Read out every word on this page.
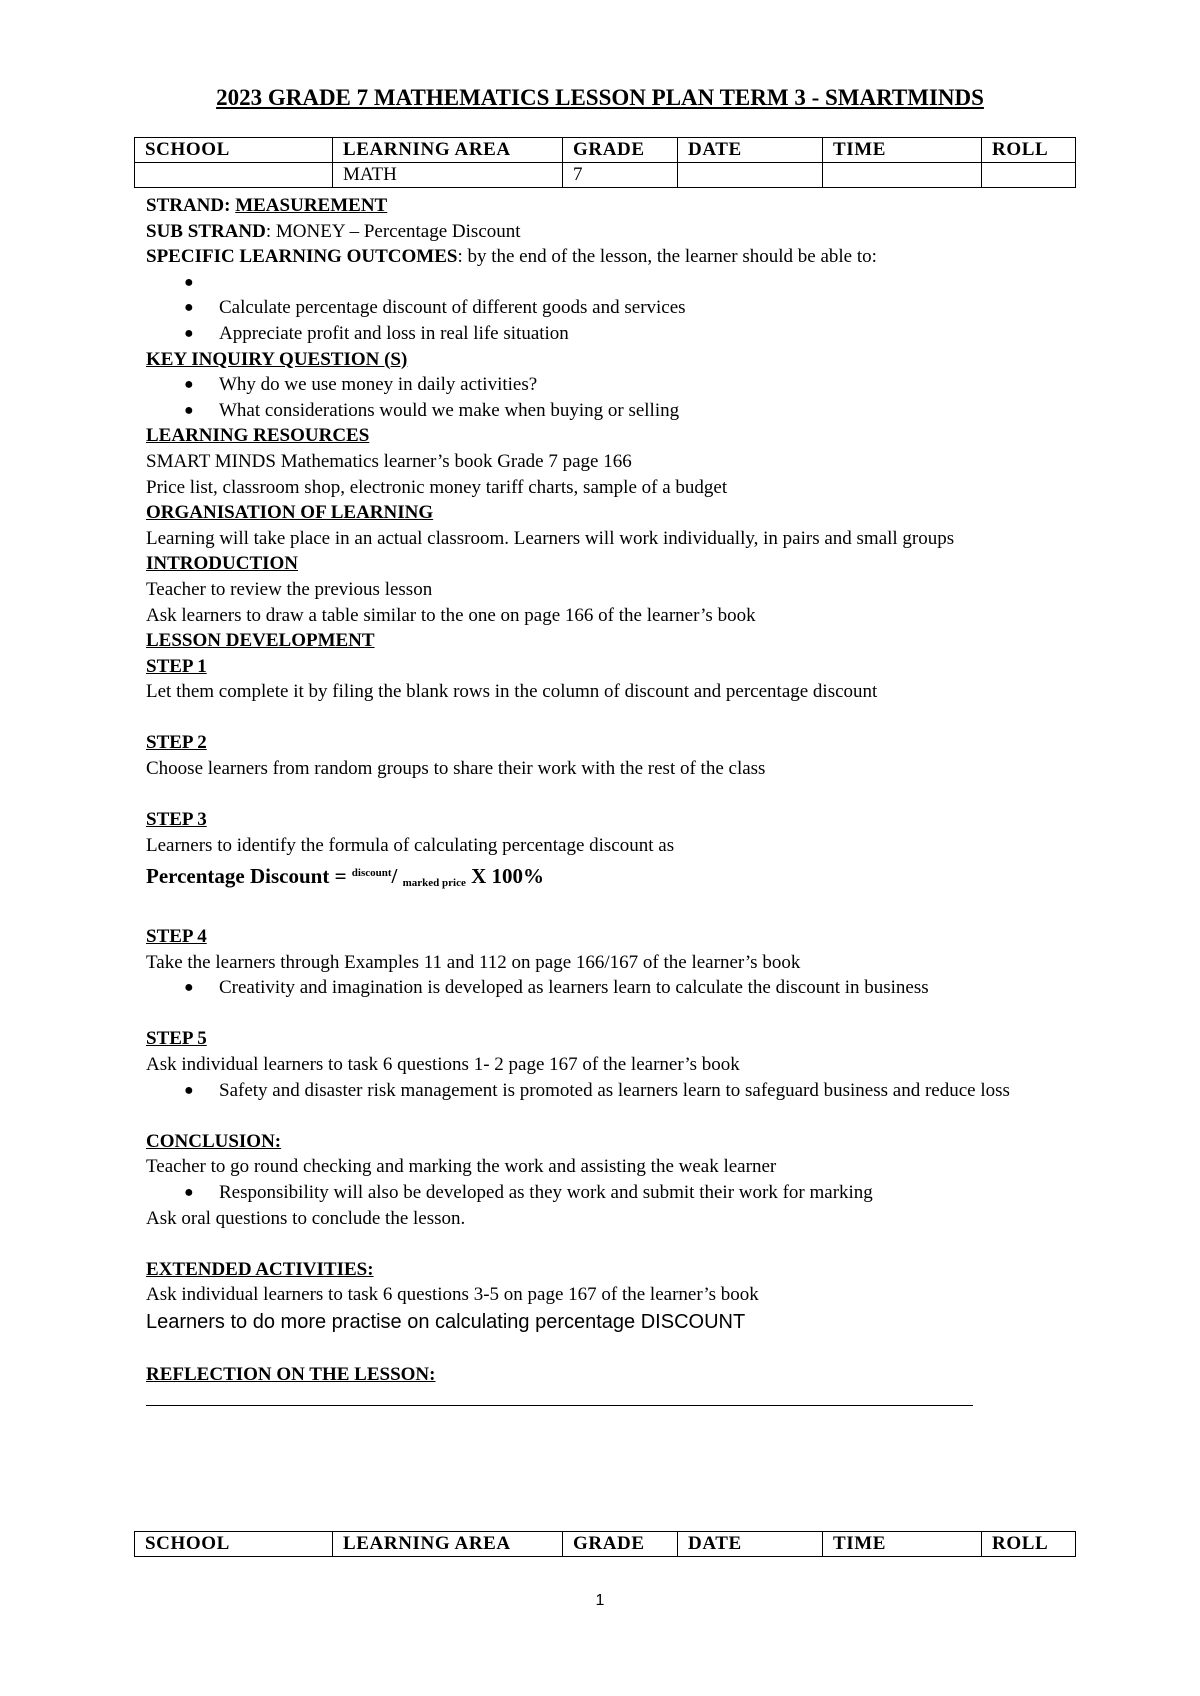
2023 GRADE 7 MATHEMATICS LESSON PLAN TERM 3 - SMARTMINDS
SCHOOL	LEARNING AREA	GRADE	DATE	TIME	ROLL
	MATH	7			

STRAND: MEASUREMENT

SUB STRAND: MONEY – Percentage Discount

SPECIFIC LEARNING OUTCOMES: by the end of the lesson, the learner should be able to:

●

● Calculate percentage discount of different goods and services
● Appreciate profit and loss in real life situation

KEY INQUIRY QUESTION (S)

● Why do we use money in daily activities?
● What considerations would we make when buying or selling

LEARNING RESOURCES

SMART MINDS Mathematics learner’s book Grade 7 page 166

Price list, classroom shop, electronic money tariff charts, sample of a budget

ORGANISATION OF LEARNING

Learning will take place in an actual classroom. Learners will work individually, in pairs and small groups

INTRODUCTION

Teacher to review the previous lesson

Ask learners to draw a table similar to the one on page 166 of the learner’s book

LESSON DEVELOPMENT

STEP 1

Let them complete it by filing the blank rows in the column of discount and percentage discount

STEP 2

Choose learners from random groups to share their work with the rest of the class

STEP 3

Learners to identify the formula of calculating percentage discount as

Percentage Discount = $^{discount}$/ $_{marked price}$ X 100%

STEP 4

Take the learners through Examples 11 and 112 on page 166/167 of the learner’s book

● Creativity and imagination is developed as learners learn to calculate the discount in business

STEP 5

Ask individual learners to task 6 questions 1- 2 page 167 of the learner’s book

● Safety and disaster risk management is promoted as learners learn to safeguard business and reduce loss

CONCLUSION:

Teacher to go round checking and marking the work and assisting the weak learner

● Responsibility will also be developed as they work and submit their work for marking

Ask oral questions to conclude the lesson.

EXTENDED ACTIVITIES:

Ask individual learners to task 6 questions 3-5 on page 167 of the learner’s book

Learners to do more practise on calculating percentage DISCOUNT

REFLECTION ON THE LESSON:

SCHOOL	LEARNING AREA	GRADE	DATE	TIME	ROLL
1
